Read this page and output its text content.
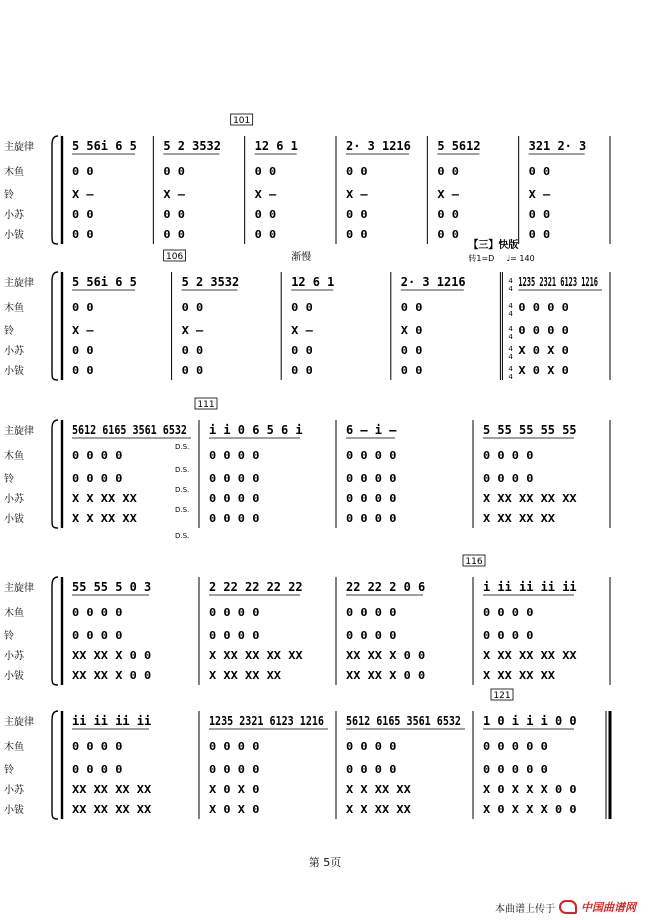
主旋律
木鱼
铃
小苏
小钹
101
5 56i 6 5
0 0
X –
0 0
0 0
5 2 3532
0 0
X –
0 0
0 0
12 6 1
0 0
X –
0 0
0 0
2· 3 1216
0 0
X –
0 0
0 0
5 5612
0 0
X –
0 0
0 0
321 2· 3
0 0
X –
0 0
0 0
主旋律
木鱼
铃
小苏
小钹
106	渐慢
【三】快版
转1=D ♩= 140
5 56i 6 5
0 0
X –
0 0
0 0
5 2 3532
0 0
X –
0 0
0 0
12 6 1
0 0
X –
0 0
0 0
2· 3 1216
0 0
X 0
0 0
0 0
4
4 1235 2321 6123 1216
4
4 0 0 0 0
4
4 0 0 0 0
4
4 X 0 X 0
4
4 X 0 X 0
主旋律
木鱼
铃
小苏
小钹
111
D.S.
D.S.
D.S.
D.S.
D.S.
5612 6165 3561 6532
0 0 0 0
0 0 0 0
X X XX XX
X X XX XX
i i 0 6 5 6 i
0 0 0 0
0 0 0 0
0 0 0 0
0 0 0 0
6 – i –
0 0 0 0
0 0 0 0
0 0 0 0
0 0 0 0
5 55 55 55 55
0 0 0 0
0 0 0 0
X XX XX XX XX
X XX XX XX
主旋律
木鱼
铃
小苏
小钹
116
55 55 5 0 3
0 0 0 0
0 0 0 0
XX XX X 0 0
XX XX X 0 0
2 22 22 22 22
0 0 0 0
0 0 0 0
X XX XX XX XX
X XX XX XX
22 22 2 0 6
0 0 0 0
0 0 0 0
XX XX X 0 0
XX XX X 0 0
i ii ii ii ii
0 0 0 0
0 0 0 0
X XX XX XX XX
X XX XX XX
主旋律
木鱼
铃
小苏
小钹
121
ii ii ii ii
0 0 0 0
0 0 0 0
XX XX XX XX
XX XX XX XX
1235 2321 6123 1216
0 0 0 0
0 0 0 0
X 0 X 0
X 0 X 0
5612 6165 3561 6532
0 0 0 0
0 0 0 0
X X XX XX
X X XX XX
1 0 i i i 0 0
0 0 0 0 0
0 0 0 0 0
X 0 X X X 0 0
X 0 X X X 0 0
第 5页
本曲谱上传于 中国曲谱网
